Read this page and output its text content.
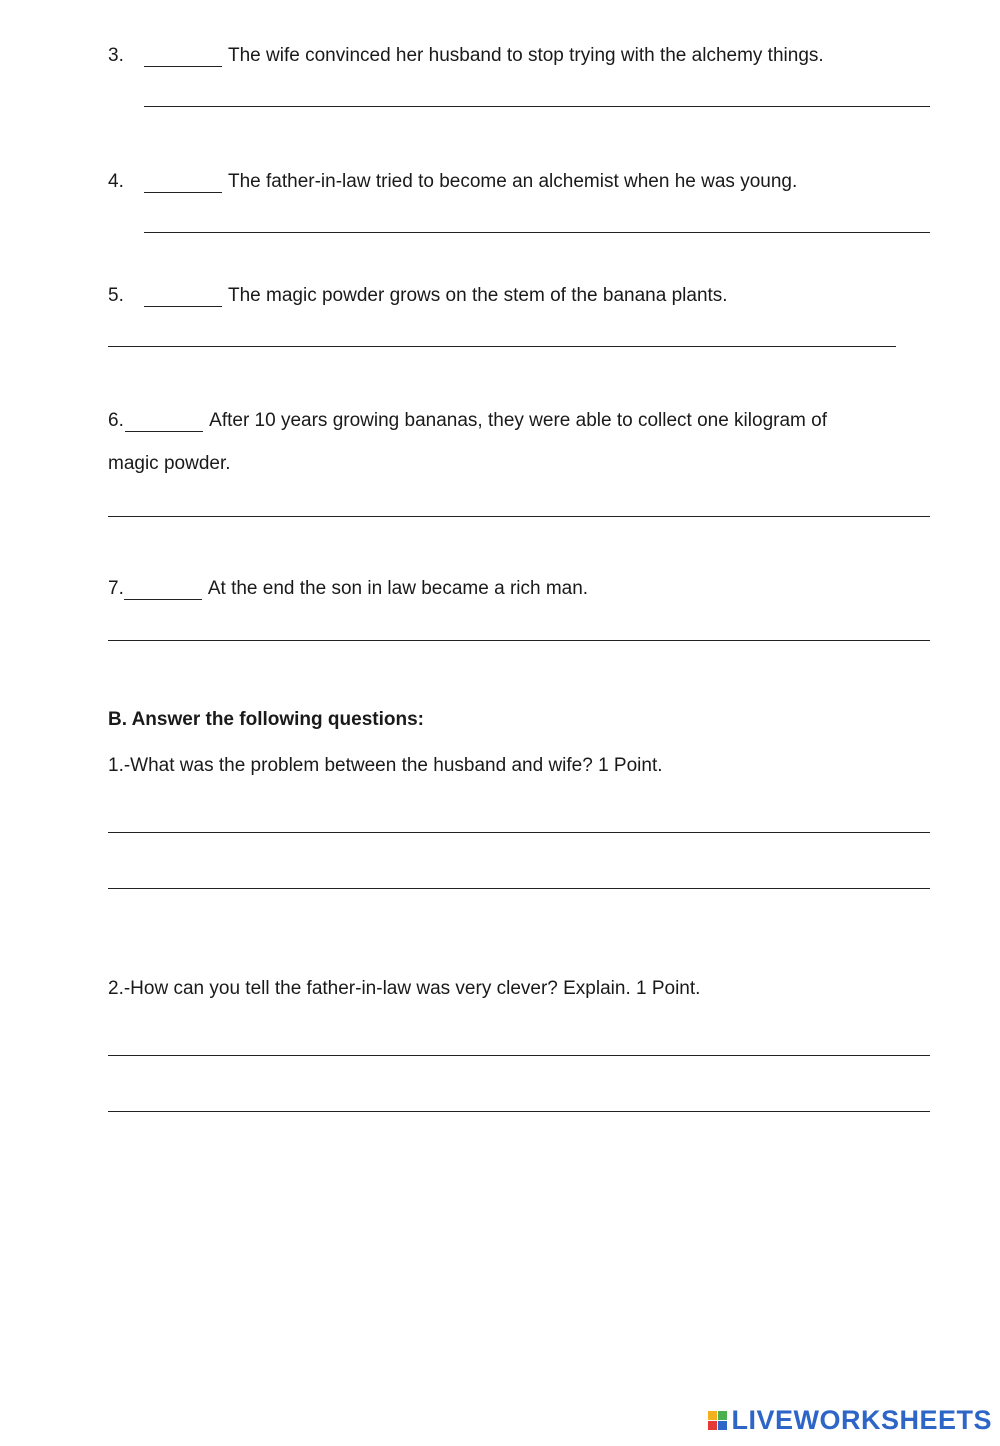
3.	The wife convinced her husband to stop trying with the alchemy things.
4.	The father-in-law tried to become an alchemist when he was young.
5.	The magic powder grows on the stem of the banana plants.
6.	After 10 years growing bananas, they were able to collect one kilogram of
magic powder.
7.	At the end the son in law became a rich man.
B. Answer the following questions:
1.-What was the problem between the husband and wife? 1 Point.
2.-How can you tell the father-in-law was very clever? Explain. 1 Point.
LIVEWORKSHEETS
